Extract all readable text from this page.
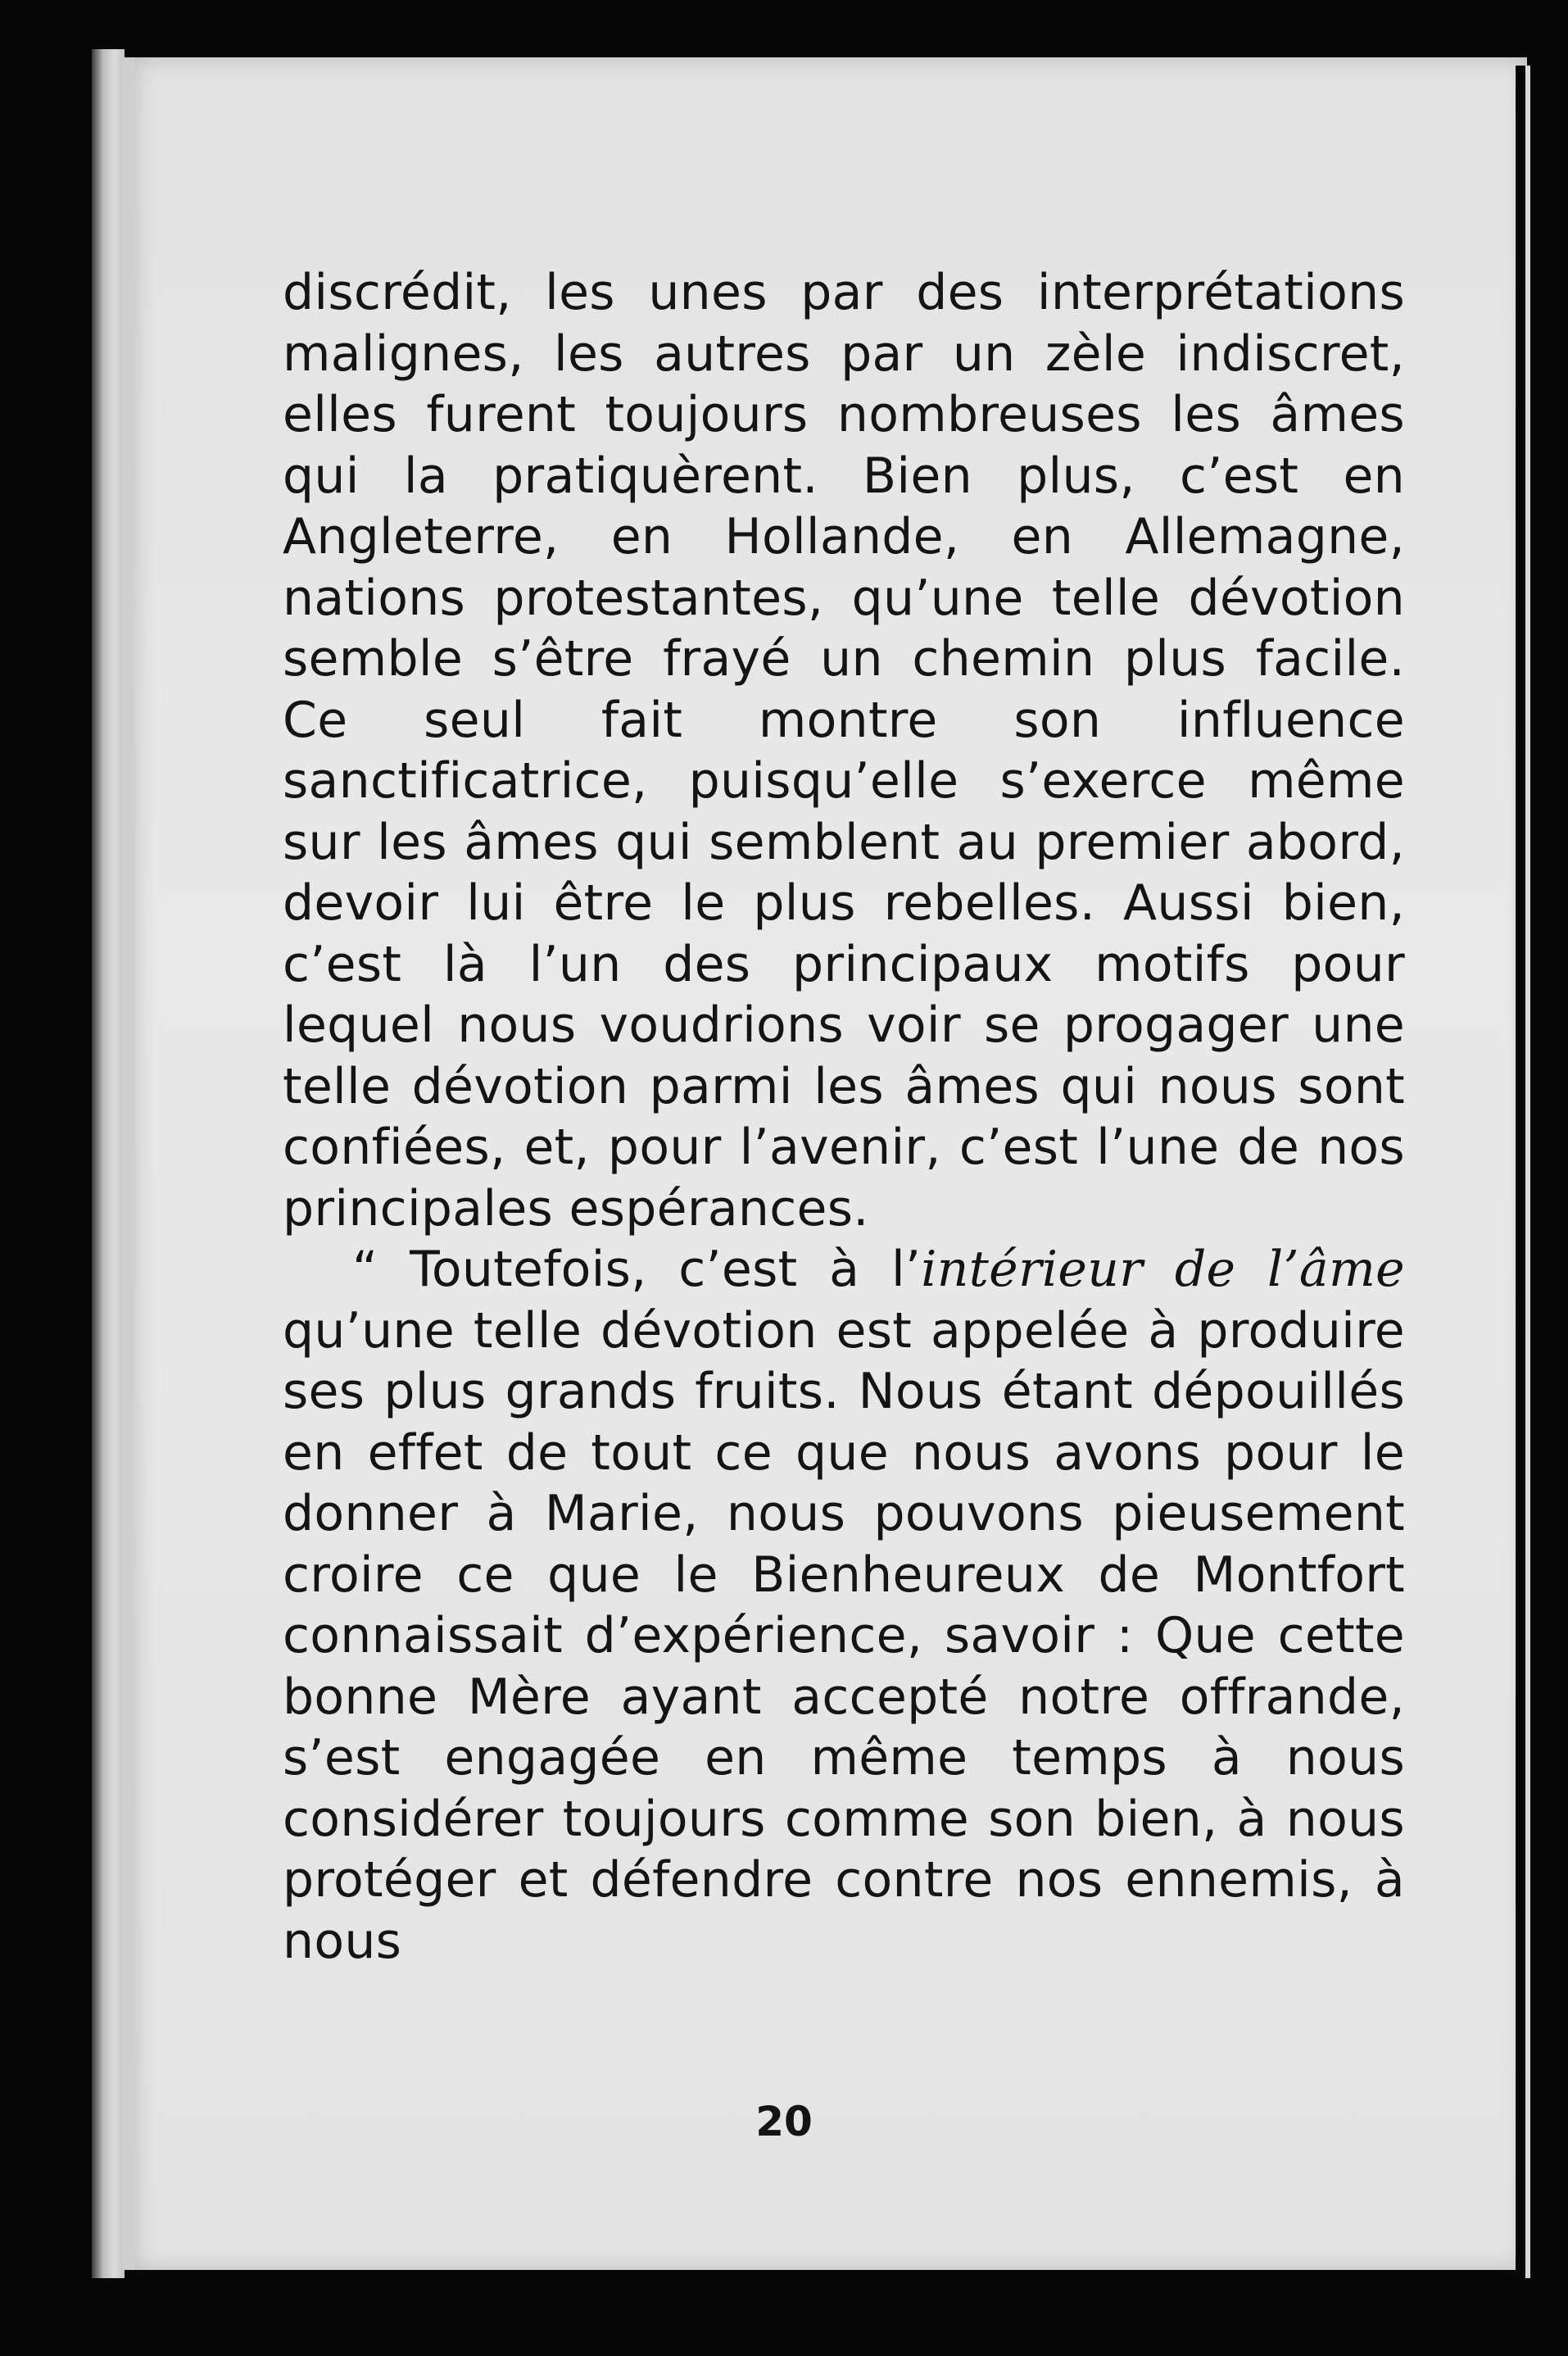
discrédit, les unes par des interprétations malignes, les autres par un zèle indiscret, elles furent toujours nombreuses les âmes qui la pratiquèrent. Bien plus, c’est en Angleterre, en Hollande, en Allemagne, nations protestantes, qu’une telle dévotion semble s’être frayé un chemin plus facile. Ce seul fait montre son influence sanctificatrice, puisqu’elle s’exerce même sur les âmes qui semblent au premier abord, devoir lui être le plus rebelles. Aussi bien, c’est là l’un des principaux motifs pour lequel nous voudrions voir se progager une telle dévotion parmi les âmes qui nous sont confiées, et, pour l’avenir, c’est l’une de nos principales espérances.

“ Toutefois, c’est à l’intérieur de l’âme qu’une telle dévotion est appelée à produire ses plus grands fruits. Nous étant dépouillés en effet de tout ce que nous avons pour le donner à Marie, nous pouvons pieusement croire ce que le Bienheureux de Montfort connaissait d’expérience, savoir : Que cette bonne Mère ayant accepté notre offrande, s’est engagée en même temps à nous considérer toujours comme son bien, à nous protéger et défendre contre nos ennemis, à nous

20
